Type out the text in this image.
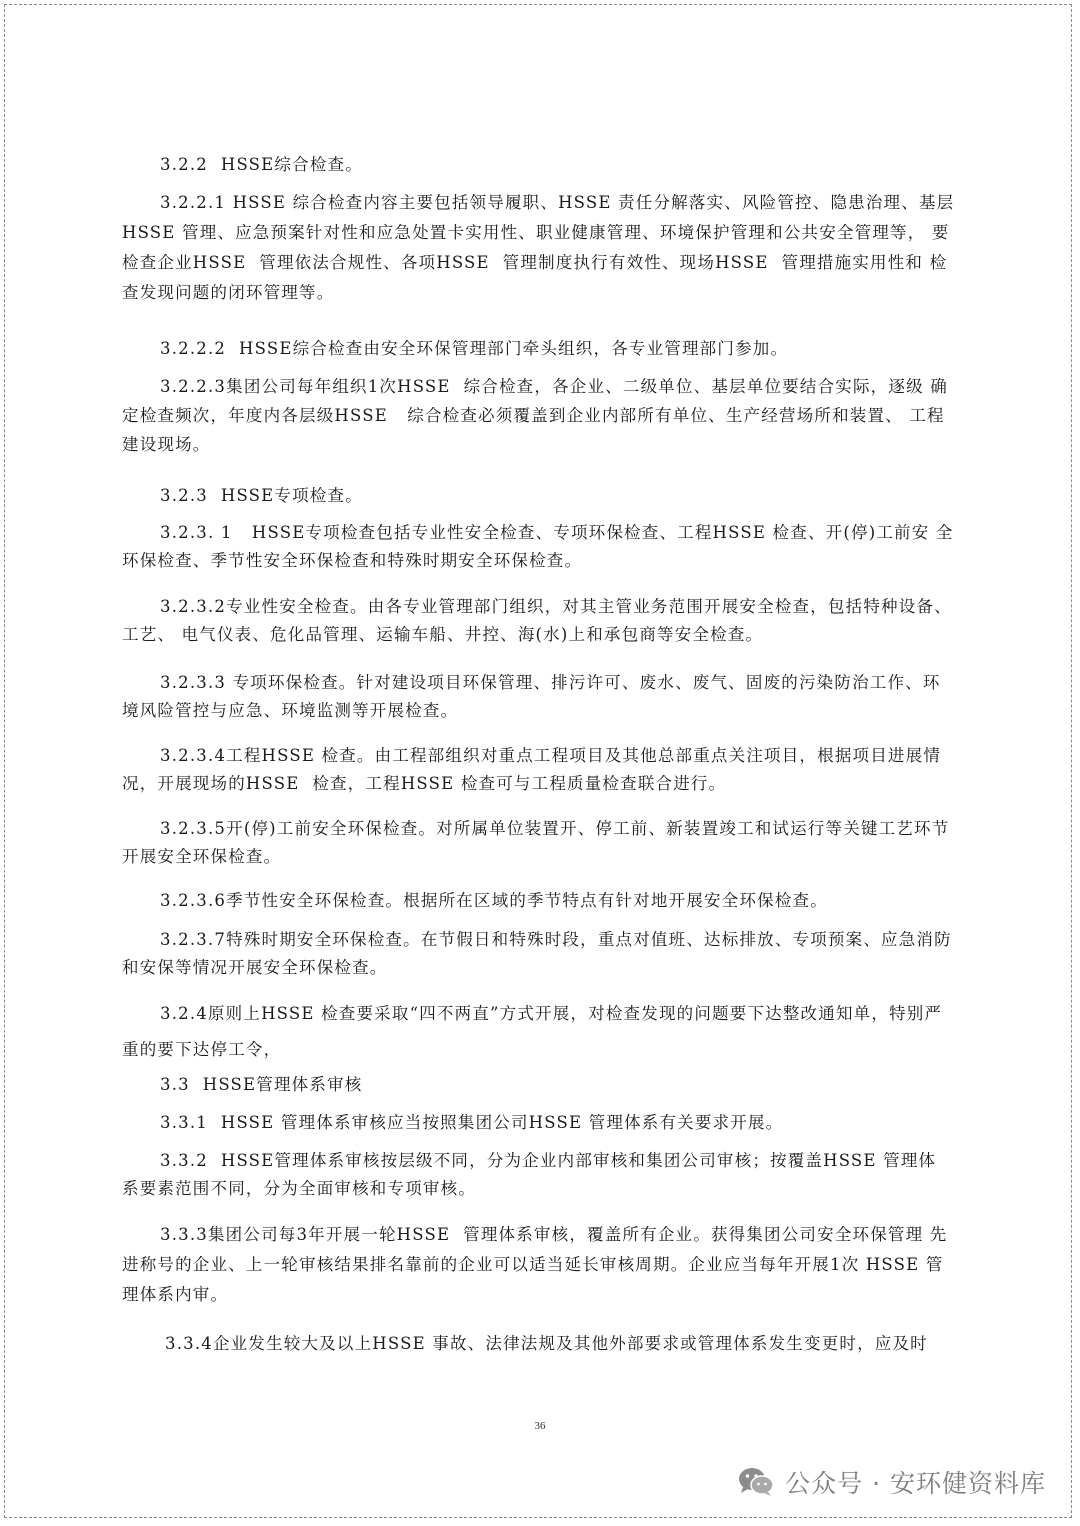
3.2.2  HSSE综合检查。

3.2.2.1 HSSE 综合检查内容主要包括领导履职、HSSE 责任分解落实、风险管控、隐患治理、基层 HSSE 管理、应急预案针对性和应急处置卡实用性、职业健康管理、环境保护管理和公共安全管理等， 要检查企业HSSE  管理依法合规性、各项HSSE  管理制度执行有效性、现场HSSE  管理措施实用性和 检查发现问题的闭环管理等。

3.2.2.2  HSSE综合检查由安全环保管理部门牵头组织，各专业管理部门参加。

3.2.2.3集团公司每年组织1次HSSE  综合检查，各企业、二级单位、基层单位要结合实际，逐级 确定检查频次，年度内各层级HSSE   综合检查必须覆盖到企业内部所有单位、生产经营场所和装置、 工程建设现场。

3.2.3  HSSE专项检查。

3.2.3. 1   HSSE专项检查包括专业性安全检查、专项环保检查、工程HSSE 检查、开(停)工前安 全环保检查、季节性安全环保检查和特殊时期安全环保检查。

3.2.3.2专业性安全检查。由各专业管理部门组织，对其主管业务范围开展安全检查，包括特种设备、工艺、 电气仪表、危化品管理、运输车船、井控、海(水)上和承包商等安全检查。

3.2.3.3 专项环保检查。针对建设项目环保管理、排污许可、废水、废气、固废的污染防治工作、环境风险管控与应急、环境监测等开展检查。

3.2.3.4工程HSSE 检查。由工程部组织对重点工程项目及其他总部重点关注项目，根据项目进展情况，开展现场的HSSE  检查，工程HSSE 检查可与工程质量检查联合进行。

3.2.3.5开(停)工前安全环保检查。对所属单位装置开、停工前、新装置竣工和试运行等关键工艺环节开展安全环保检查。

3.2.3.6季节性安全环保检查。根据所在区域的季节特点有针对地开展安全环保检查。

3.2.3.7特殊时期安全环保检查。在节假日和特殊时段，重点对值班、达标排放、专项预案、应急消防和安保等情况开展安全环保检查。

3.2.4原则上HSSE 检查要采取“四不两直”方式开展，对检查发现的问题要下达整改通知单，特别严重的要下达停工令，

3.3  HSSE管理体系审核

3.3.1  HSSE 管理体系审核应当按照集团公司HSSE 管理体系有关要求开展。

3.3.2  HSSE管理体系审核按层级不同，分为企业内部审核和集团公司审核；按覆盖HSSE 管理体 系要素范围不同，分为全面审核和专项审核。

3.3.3集团公司每3年开展一轮HSSE  管理体系审核，覆盖所有企业。获得集团公司安全环保管理 先进称号的企业、上一轮审核结果排名靠前的企业可以适当延长审核周期。企业应当每年开展1次 HSSE 管理体系内审。

3.3.4企业发生较大及以上HSSE 事故、法律法规及其他外部要求或管理体系发生变更时，应及时

36
公众号 · 安环健资料库
